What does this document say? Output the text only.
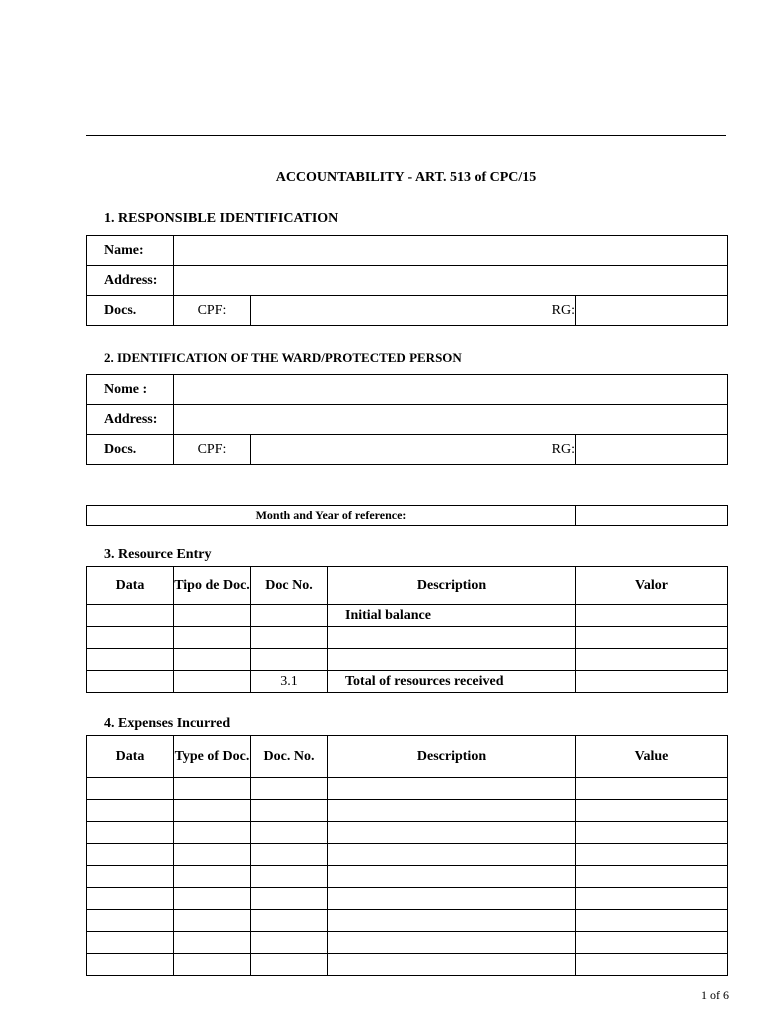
ACCOUNTABILITY - ART. 513 of CPC/15
1. RESPONSIBLE IDENTIFICATION
Name:			
Address:			
Docs.	CPF:	RG:	

2. IDENTIFICATION OF THE WARD/PROTECTED PERSON
Nome :			
Address:			
Docs.	CPF:	RG:	

Month and Year of reference:	
3. Resource Entry
Data	Tipo de Doc.	Doc No.	Description	Valor
			Initial balance	

		3.1	Total of resources received	
4. Expenses Incurred
Data	Type of Doc.	Doc. No.	Description	Value

1 of 6
